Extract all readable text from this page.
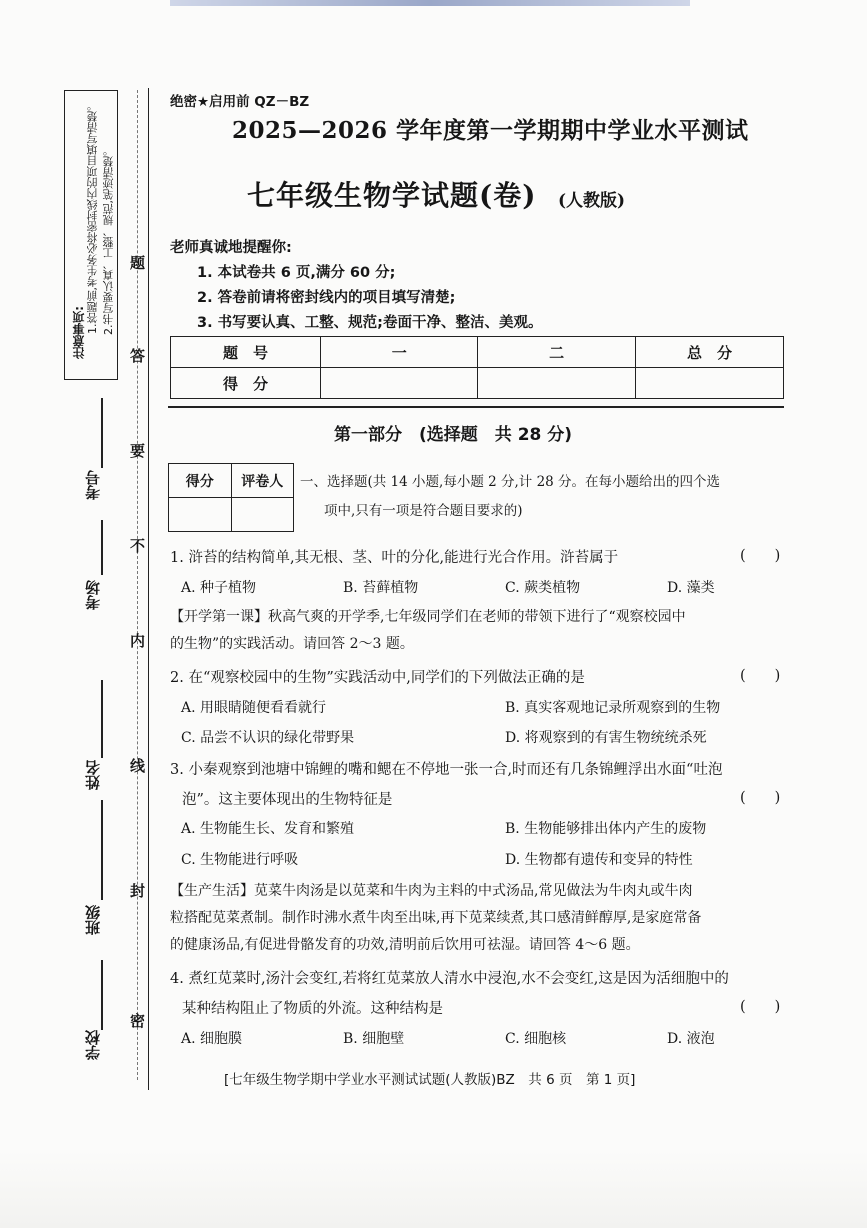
注意事项: 1.答题前,考生务必将密封线内的项目填写清楚。 2.书写要认真、工整、规范,笔迹清楚。
学校
班级
姓名
考场
考号
密
封
线
内
不
要
答
题
绝密★启用前 QZ－BZ
2025—2026 学年度第一学期期中学业水平测试
七年级生物学试题(卷) (人教版)
老师真诚地提醒你:
1. 本试卷共 6 页,满分 60 分;
2. 答卷前请将密封线内的项目填写清楚;
3. 书写要认真、工整、规范;卷面干净、整洁、美观。
题　号	一	二	总　分
得　分			
第一部分　(选择题　共 28 分)
得分	评卷人
	一、选择题(共 14 小题,每小题 2 分,计 28 分。在每小题给出的四个选
项中,只有一项是符合题目要求的)
1. 浒苔的结构简单,其无根、茎、叶的分化,能进行光合作用。浒苔属于	(　　)
A. 种子植物	B. 苔藓植物	C. 蕨类植物	D. 藻类
【开学第一课】秋高气爽的开学季,七年级同学们在老师的带领下进行了“观察校园中
的生物”的实践活动。请回答 2～3 题。
2. 在“观察校园中的生物”实践活动中,同学们的下列做法正确的是	(　　)
A. 用眼睛随便看看就行	B. 真实客观地记录所观察到的生物
C. 品尝不认识的绿化带野果	D. 将观察到的有害生物统统杀死
3. 小秦观察到池塘中锦鲤的嘴和鳃在不停地一张一合,时而还有几条锦鲤浮出水面“吐泡
泡”。这主要体现出的生物特征是	(　　)
A. 生物能生长、发育和繁殖	B. 生物能够排出体内产生的废物
C. 生物能进行呼吸	D. 生物都有遗传和变异的特性
【生产生活】苋菜牛肉汤是以苋菜和牛肉为主料的中式汤品,常见做法为牛肉丸或牛肉
粒搭配苋菜煮制。制作时沸水煮牛肉至出味,再下苋菜续煮,其口感清鲜醇厚,是家庭常备
的健康汤品,有促进骨骼发育的功效,清明前后饮用可祛湿。请回答 4～6 题。
4. 煮红苋菜时,汤汁会变红,若将红苋菜放人清水中浸泡,水不会变红,这是因为活细胞中的
某种结构阻止了物质的外流。这种结构是	(　　)
A. 细胞膜	B. 细胞壁	C. 细胞核	D. 液泡
[七年级生物学期中学业水平测试试题(人教版)BZ　共 6 页　第 1 页]
